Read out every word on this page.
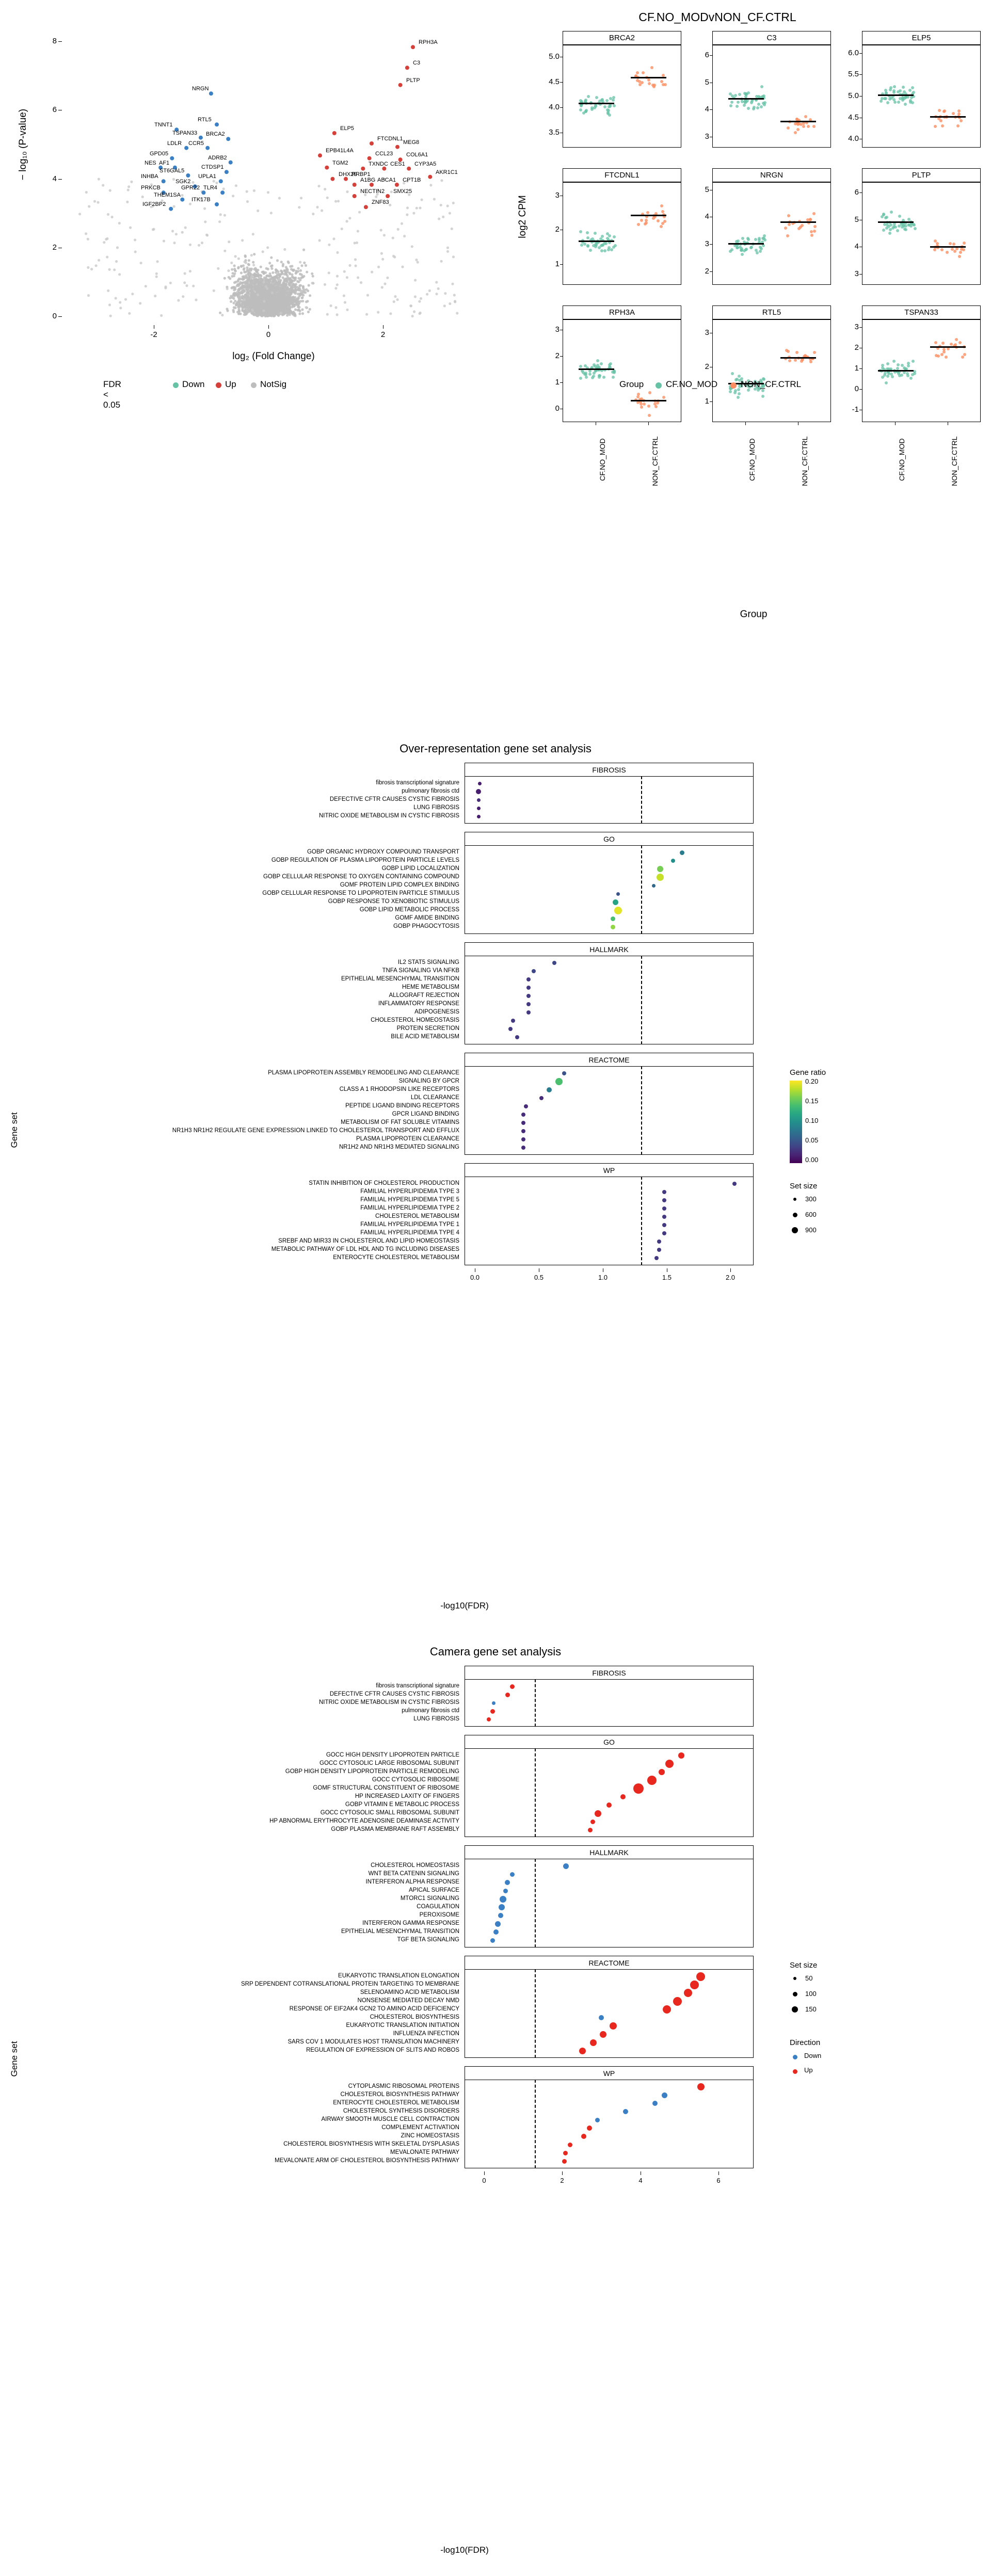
RPH3A
C3
PLTP
ELP5
FTCDNL1
MEG8
EPB41L4A	CCL23 COL6A1
TGM2	TXNDC CES1 CYP3A5
DHX29
RRBP1
A1BG ABCA1 CPT1B
AKR1C1
NECTIN2 SMX25
ZNF83
NRGN
RTL5
TNNT1
TSPAN33 BRCA2
LDLR CCR5
GPD05
NES AF1
ADRB2
CTDSP1
ST6GAL5
UPLA1
INHBA
SGK2
GPR22 TLR4
PRKCB
THEM1SA
ITK17B
IGF2BP2
-2	0	2
0
2
4
6
8
log₂ (Fold Change)
− log₁₀ (P-value)
FDR < 0.05
Down Up	NotSig
CF.NO_MODvNON_CF.CTRL
BRCA2
3.5
4.0
4.5
5.0
C3
3
4
5
6
ELP5
4.0
4.5
5.0
5.5
6.0
FTCDNL1
1
2
3
NRGN
2
3
4
5
PLTP
3
4
5
6
RPH3A
0
1
2
3
CF.NO_MOD	NON_CF.CTRL
RTL5
1
2
3
CF.NO_MOD	NON_CF.CTRL
TSPAN33
-1
0
1
2
3
CF.NO_MOD	NON_CF.CTRL
log2 CPM
Group
Group	CF.NO_MOD	NON_CF.CTRL
Over-representation gene set analysis
FIBROSIS
fibrosis transcriptional signature
pulmonary fibrosis ctd
DEFECTIVE CFTR CAUSES CYSTIC FIBROSIS
LUNG FIBROSIS
NITRIC OXIDE METABOLISM IN CYSTIC FIBROSIS
GO
GOBP ORGANIC HYDROXY COMPOUND TRANSPORT
GOBP REGULATION OF PLASMA LIPOPROTEIN PARTICLE LEVELS
GOBP LIPID LOCALIZATION
GOBP CELLULAR RESPONSE TO OXYGEN CONTAINING COMPOUND
GOMF PROTEIN LIPID COMPLEX BINDING
GOBP CELLULAR RESPONSE TO LIPOPROTEIN PARTICLE STIMULUS
GOBP RESPONSE TO XENOBIOTIC STIMULUS
GOBP LIPID METABOLIC PROCESS
GOMF AMIDE BINDING
GOBP PHAGOCYTOSIS
HALLMARK
IL2 STAT5 SIGNALING
TNFA SIGNALING VIA NFKB
EPITHELIAL MESENCHYMAL TRANSITION
HEME METABOLISM
ALLOGRAFT REJECTION
INFLAMMATORY RESPONSE
ADIPOGENESIS
CHOLESTEROL HOMEOSTASIS
PROTEIN SECRETION
BILE ACID METABOLISM
REACTOME
PLASMA LIPOPROTEIN ASSEMBLY REMODELING AND CLEARANCE
SIGNALING BY GPCR
CLASS A 1 RHODOPSIN LIKE RECEPTORS
LDL CLEARANCE
PEPTIDE LIGAND BINDING RECEPTORS
GPCR LIGAND BINDING
METABOLISM OF FAT SOLUBLE VITAMINS
NR1H3 NR1H2 REGULATE GENE EXPRESSION LINKED TO CHOLESTEROL TRANSPORT AND EFFLUX
PLASMA LIPOPROTEIN CLEARANCE
NR1H2 AND NR1H3 MEDIATED SIGNALING
WP
STATIN INHIBITION OF CHOLESTEROL PRODUCTION
FAMILIAL HYPERLIPIDEMIA TYPE 3
FAMILIAL HYPERLIPIDEMIA TYPE 5
FAMILIAL HYPERLIPIDEMIA TYPE 2
CHOLESTEROL METABOLISM
FAMILIAL HYPERLIPIDEMIA TYPE 1
FAMILIAL HYPERLIPIDEMIA TYPE 4
SREBF AND MIR33 IN CHOLESTEROL AND LIPID HOMEOSTASIS
METABOLIC PATHWAY OF LDL HDL AND TG INCLUDING DISEASES
ENTEROCYTE CHOLESTEROL METABOLISM
0.0	0.5	1.0	1.5	2.0
Gene ratio
0.20
0.15
0.10
0.05
0.00
Set size
300
600
900
-log10(FDR)
Gene set
Camera gene set analysis
FIBROSIS
fibrosis transcriptional signature
DEFECTIVE CFTR CAUSES CYSTIC FIBROSIS
NITRIC OXIDE METABOLISM IN CYSTIC FIBROSIS
pulmonary fibrosis ctd
LUNG FIBROSIS
GO
GOCC HIGH DENSITY LIPOPROTEIN PARTICLE
GOCC CYTOSOLIC LARGE RIBOSOMAL SUBUNIT
GOBP HIGH DENSITY LIPOPROTEIN PARTICLE REMODELING
GOCC CYTOSOLIC RIBOSOME
GOMF STRUCTURAL CONSTITUENT OF RIBOSOME
HP INCREASED LAXITY OF FINGERS
GOBP VITAMIN E METABOLIC PROCESS
GOCC CYTOSOLIC SMALL RIBOSOMAL SUBUNIT
HP ABNORMAL ERYTHROCYTE ADENOSINE DEAMINASE ACTIVITY
GOBP PLASMA MEMBRANE RAFT ASSEMBLY
HALLMARK
CHOLESTEROL HOMEOSTASIS
WNT BETA CATENIN SIGNALING
INTERFERON ALPHA RESPONSE
APICAL SURFACE
MTORC1 SIGNALING
COAGULATION
PEROXISOME
INTERFERON GAMMA RESPONSE
EPITHELIAL MESENCHYMAL TRANSITION
TGF BETA SIGNALING
REACTOME
EUKARYOTIC TRANSLATION ELONGATION
SRP DEPENDENT COTRANSLATIONAL PROTEIN TARGETING TO MEMBRANE
SELENOAMINO ACID METABOLISM
NONSENSE MEDIATED DECAY NMD
RESPONSE OF EIF2AK4 GCN2 TO AMINO ACID DEFICIENCY
CHOLESTEROL BIOSYNTHESIS
EUKARYOTIC TRANSLATION INITIATION
INFLUENZA INFECTION
SARS COV 1 MODULATES HOST TRANSLATION MACHINERY
REGULATION OF EXPRESSION OF SLITS AND ROBOS
WP
CYTOPLASMIC RIBOSOMAL PROTEINS
CHOLESTEROL BIOSYNTHESIS PATHWAY
ENTEROCYTE CHOLESTEROL METABOLISM
CHOLESTEROL SYNTHESIS DISORDERS
AIRWAY SMOOTH MUSCLE CELL CONTRACTION
COMPLEMENT ACTIVATION
ZINC HOMEOSTASIS
CHOLESTEROL BIOSYNTHESIS WITH SKELETAL DYSPLASIAS
MEVALONATE PATHWAY
MEVALONATE ARM OF CHOLESTEROL BIOSYNTHESIS PATHWAY
0	2	4	6
Set size
50
100
150
Direction
Down
Up
-log10(FDR)
Gene set
